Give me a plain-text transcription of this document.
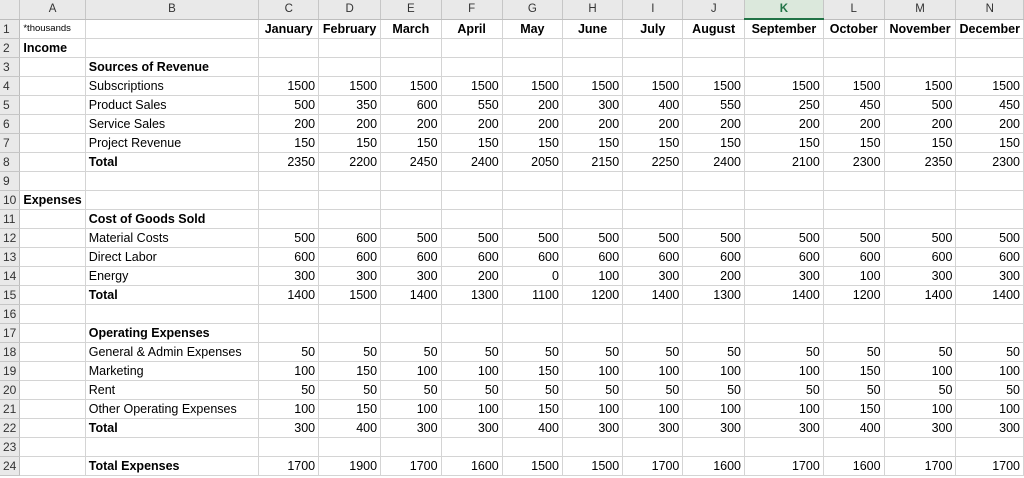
	A	B	C	D	E	F	G	H	I	J	K	L	M	N
1	*thousands		January	February	March	April	May	June	July	August	September	October	November	December
2	Income													
3		Sources of Revenue												
4		Subscriptions	1500	1500	1500	1500	1500	1500	1500	1500	1500	1500	1500	1500
5		Product Sales	500	350	600	550	200	300	400	550	250	450	500	450
6		Service Sales	200	200	200	200	200	200	200	200	200	200	200	200
7		Project Revenue	150	150	150	150	150	150	150	150	150	150	150	150
8		Total	2350	2200	2450	2400	2050	2150	2250	2400	2100	2300	2350	2300
9														
10	Expenses													
11		Cost of Goods Sold												
12		Material Costs	500	600	500	500	500	500	500	500	500	500	500	500
13		Direct Labor	600	600	600	600	600	600	600	600	600	600	600	600
14		Energy	300	300	300	200	0	100	300	200	300	100	300	300
15		Total	1400	1500	1400	1300	1100	1200	1400	1300	1400	1200	1400	1400
16														
17		Operating Expenses												
18		General & Admin Expenses	50	50	50	50	50	50	50	50	50	50	50	50
19		Marketing	100	150	100	100	150	100	100	100	100	150	100	100
20		Rent	50	50	50	50	50	50	50	50	50	50	50	50
21		Other Operating Expenses	100	150	100	100	150	100	100	100	100	150	100	100
22		Total	300	400	300	300	400	300	300	300	300	400	300	300
23														
24		Total Expenses	1700	1900	1700	1600	1500	1500	1700	1600	1700	1600	1700	1700
